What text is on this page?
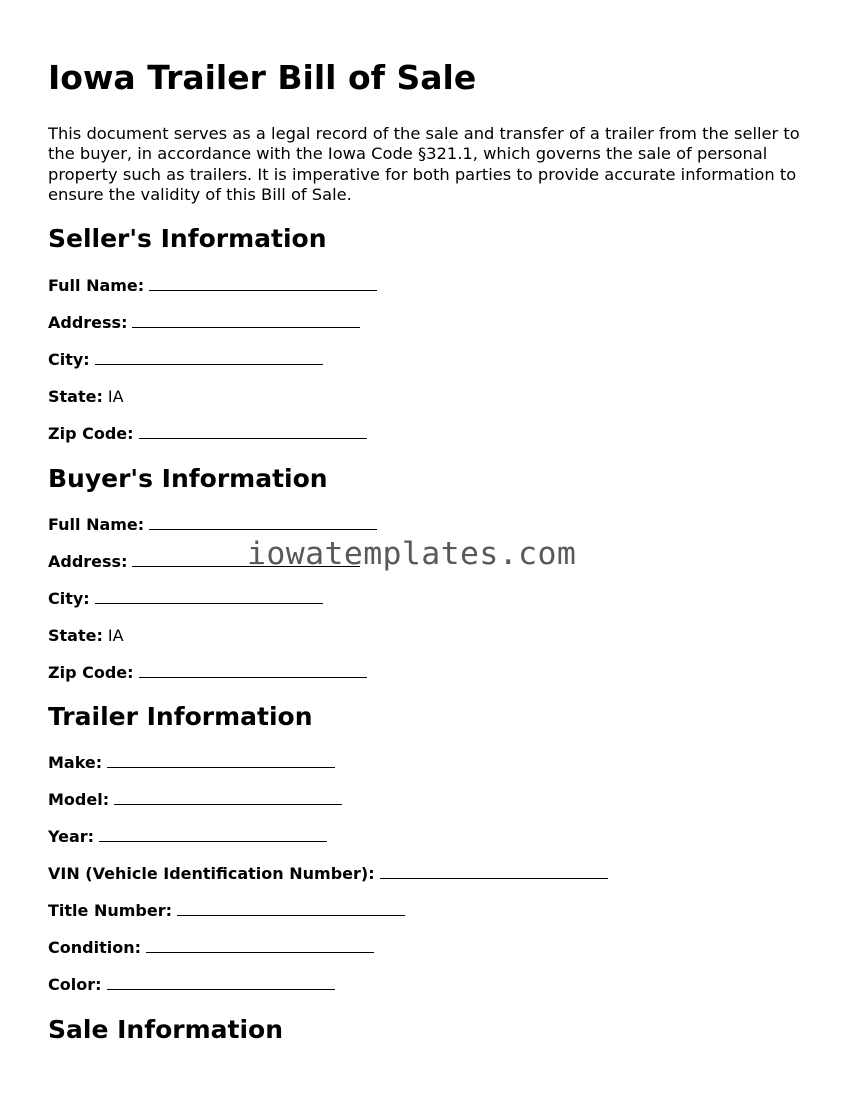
Iowa Trailer Bill of Sale

This document serves as a legal record of the sale and transfer of a trailer from the seller to the buyer, in accordance with the Iowa Code §321.1, which governs the sale of personal property such as trailers. It is imperative for both parties to provide accurate information to ensure the validity of this Bill of Sale.

Seller's Information

Full Name:

Address:

City:

State: IA

Zip Code:

Buyer's Information

Full Name:

Address:

City:

State: IA

Zip Code:

Trailer Information

Make:

Model:

Year:

VIN (Vehicle Identification Number):

Title Number:

Condition:

Color:

Sale Information
iowatemplates.com
